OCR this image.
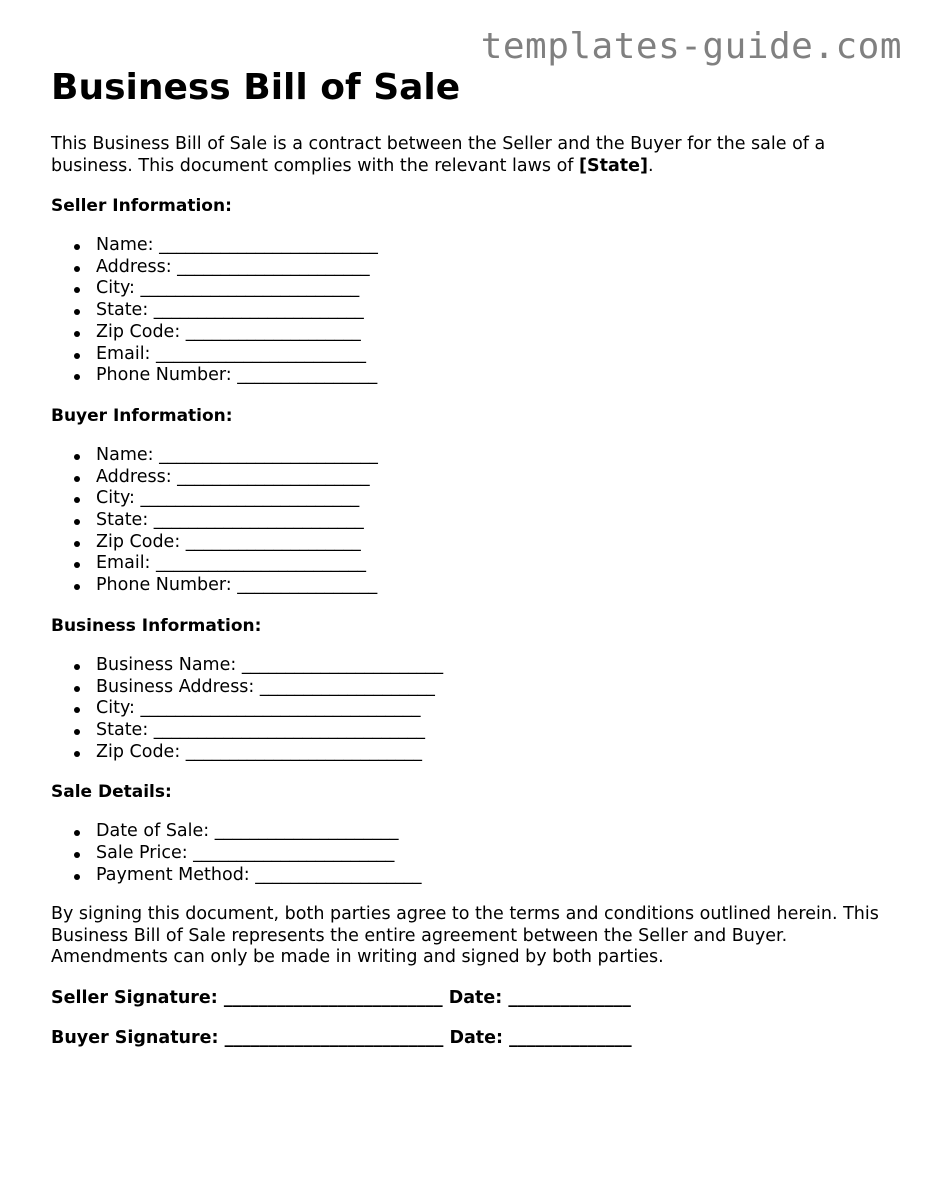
templates-guide.com
Business Bill of Sale

This Business Bill of Sale is a contract between the Seller and the Buyer for the sale of a business. This document complies with the relevant laws of [State].

Seller Information:
Name: _________________________
Address: ______________________
City: _________________________
State: ________________________
Zip Code: ____________________
Email: ________________________
Phone Number: ________________
Buyer Information:
Name: _________________________
Address: ______________________
City: _________________________
State: ________________________
Zip Code: ____________________
Email: ________________________
Phone Number: ________________
Business Information:
Business Name: _______________________
Business Address: ____________________
City: ________________________________
State: _______________________________
Zip Code: ___________________________
Sale Details:
Date of Sale: _____________________
Sale Price: _______________________
Payment Method: ___________________

By signing this document, both parties agree to the terms and conditions outlined herein. This Business Bill of Sale represents the entire agreement between the Seller and Buyer. Amendments can only be made in writing and signed by both parties.

Seller Signature: _________________________ Date: ______________
Buyer Signature: _________________________ Date: ______________
